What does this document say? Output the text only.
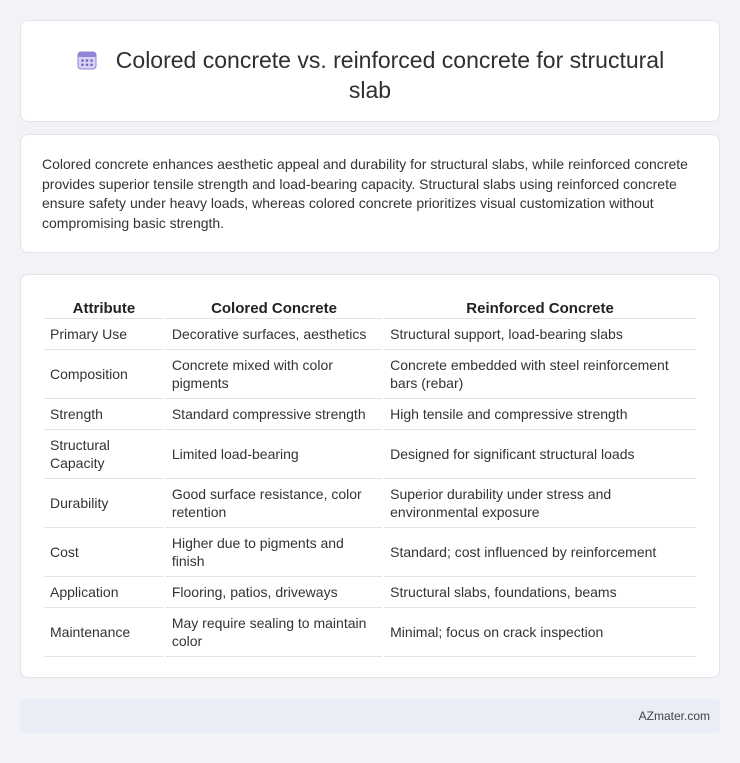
Colored concrete vs. reinforced concrete for structural slab

Colored concrete enhances aesthetic appeal and durability for structural slabs, while reinforced concrete provides superior tensile strength and load-bearing capacity. Structural slabs using reinforced concrete ensure safety under heavy loads, whereas colored concrete prioritizes visual customization without compromising basic strength.

Attribute	Colored Concrete	Reinforced Concrete
Primary Use	Decorative surfaces, aesthetics	Structural support, load-bearing slabs
Composition	Concrete mixed with color pigments	Concrete embedded with steel reinforcement bars (rebar)
Strength	Standard compressive strength	High tensile and compressive strength
Structural Capacity	Limited load-bearing	Designed for significant structural loads
Durability	Good surface resistance, color retention	Superior durability under stress and environmental exposure
Cost	Higher due to pigments and finish	Standard; cost influenced by reinforcement
Application	Flooring, patios, driveways	Structural slabs, foundations, beams
Maintenance	May require sealing to maintain color	Minimal; focus on crack inspection
AZmater.com
